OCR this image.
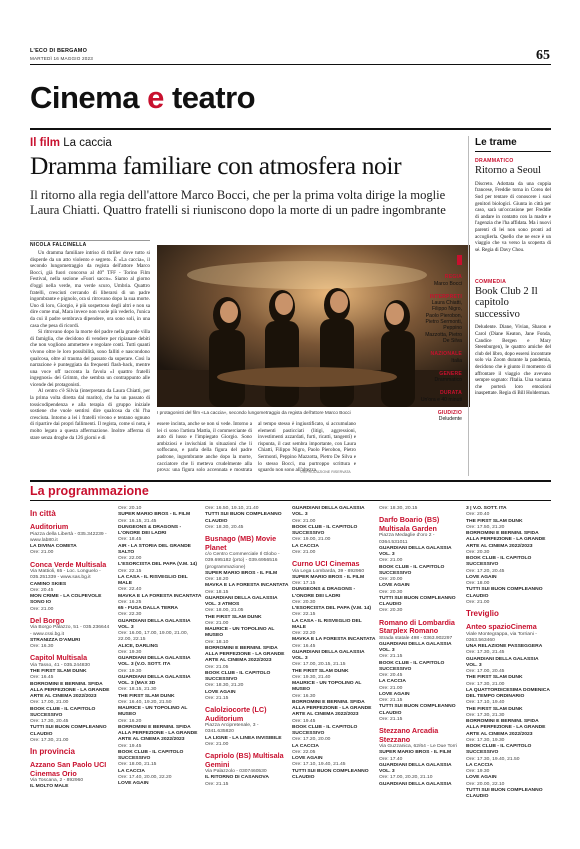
L'ECO DI BERGAMO
MARTEDÌ 16 MAGGIO 2023	65
Cinema e teatro
Il film La caccia
Dramma familiare con atmosfera noir
Il ritorno alla regia dell'attore Marco Bocci, che per la prima volta dirige la moglie Laura Chiatti. Quattro fratelli si riuniscono dopo la morte di un padre ingombrante
NICOLA FALCINELLA

Un dramma familiare intriso di thriller dove tutto si disperde da un atto violento e segreto. È «La caccia», il secondo lungometraggio da regista dell'attore Marco Bocci, già fuori concorso al 40° TFF - Torino Film Festival, nella sezione «Fuori sacco». Siamo al giorno d'oggi nella verde, ma verde scuro, Umbria. Quattro fratelli, cresciuti cercando di liberarsi di un padre ingombrante e pignolo, ora si ritrovano dopo la sua morte. Uno di loro, Giorgio, è più sospettoso degli altri e non sa dire come mai, Mara invece non vuole più vederlo, l'unica da cui il padre sembrava dipendere, ora sono soli, in una casa che pesa di ricordi.

Si ritrovano dopo la morte del padre nella grande villa di famiglia, che decidono di vendere per ripianare debiti che non vogliono ammettere e regolare conti. Tutti quanti vivono oltre le loro possibilità, sono falliti e nascondono qualcosa, oltre al trauma del passato da superare. Così la narrazione è punteggiata da frequenti flash-back, mentre una voce off racconta la favola «I quattro fratelli ingegnosi» dei Grimm, che sembra un contrappunto alle vicende dei protagonisti.

Al centro c'è Silvia (interpretata da Laura Chiatti, per la prima volta diretta dal marito), che ha un passato di tossicodipendenza e alla terapia di gruppo iniziale sostiene che vuole sentirsi dire qualcosa da chi l'ha cresciuta. Intorno a lei i fratelli vivono e tentano ognuno di ripartire dai propri fallimenti. Il regista, come si nota, è molto legato a questa affermazione. Inoltre afferma di stare senza droghe da 126 giorni e di

I protagonisti del film «La caccia», secondo lungometraggio da regista dell'attore Marco Bocci
REGIA
Marco Bocci
INTERPRETI
Laura Chiatti, Filippo Nigro, Paolo Pierobon, Pietro Sermonti, Peppino Mazzotta, Pietro De Silva
NAZIONALE
Italia
GENERE
Drammatico
DURATA
Un'ora e 40 minuti
GIUDIZIO
Deludente

essere incinta, anche se non si vede. Intorno a lei ci sono l'artista Mattia, il commerciante di auto di lusso e l'impiegato Giorgio. Sono ambiziosi e invischiati in situazioni che li soffocano, e parla della figura del padre padrone, ingombrante anche dopo la morte, cacciatore che li metteva crudelmente alla prova: una figura solo accennata e mostrata

al tempo stesso è ingiustificato, si accumulano elementi pasticciati (litigi, aggressioni, investimenti azzardati, furti, ricatti, tangenti) e rispunta, il cast sembra importante, con Laura Chiatti, Filippo Nigro, Paolo Pierobon, Pietro Sermonti, Peppino Mazzotta, Pietro De Silva e lo stesso Bocci, ma purtroppo scrittura e sguardo non sono all'altezza.

©RIPRODUZIONE RISERVATA
Le trame
DRAMMATICO
Ritorno a Seoul
Discreto. Adottata da una coppia francese, Freddie torna in Corea del Sud per tentare di conoscere i suoi genitori biologici. Giunta in città per caso, sarà un'occasione per Freddie di andare in contatto con la madre e l'agenzia che l'ha affidata. Ma i nuovi parenti di lei non sono pronti ad accoglierla. Quello che ne esce è un viaggio che va verso la scoperta di sé. Regia di Davy Chou.
COMMEDIA
Book Club 2 Il capitolo successivo
Deludente. Diane, Vivian, Sharon e Carol (Diane Keaton, Jane Fonda, Candice Bergen e Mary Steenburgen), le quattro amiche del club del libro, dopo essersi incontrate solo via Zoom durante la pandemia, decidono che è giunto il momento di affrontare il viaggio che avevano sempre sognato: l'Italia. Una vacanza che porterà loro emozioni inaspettate. Regia di Bill Holderman.
La programmazione
In città
Auditorium
Piazza della Libertà - 035.342239 -
www.lab80.it
LA DIVINA COMETA
Ore: 21.00
Conca Verde Multisala
Via Mattioli, 65 - Loc. Longuelo -
035.251339 - www.sas.bg.it
CAMINO SKIES
Ore: 20.45
MON CRIME - LA COLPEVOLE SONO IO
Ore: 21.00
Del Borgo
Via Borgo Palazzo, 51 - 035.236644
- www.cssi.bg.it
STRANIZZA D'AMURI
Ore: 16.30
Capitol Multisala
Via Tasso, 41 - 035.244830
THE FIRST SLAM DUNK
Ore: 16.45
BORROMINI E BERNINI. SFIDA ALLA PERFEZIONE - LA GRANDE ARTE AL CINEMA 2022/2023
Ore: 17.00, 21.00
BOOK CLUB - IL CAPITOLO SUCCESSIVO
Ore: 17.30, 20.45
TUTTI SUI BUON COMPLEANNO CLAUDIO
Ore: 17.30, 21.00
In provincia
Azzano San Paolo UCI Cinemas Orio
Via Toscana, 2 - 892960
IL MOLTO MALE
Ore: 20.10
SUPER MARIO BROS - IL FILM
Ore: 16.15, 21.45
DUNGEONS & DRAGONS - L'ONORE DEI LADRI
Ore: 18.45
AIR - LA STORIA DEL GRANDE SALTO
Ore: 22.00
L'ESORCISTA DEL PAPA (V.M. 14)
Ore: 22.15
LA CASA - IL RISVEGLIO DEL MALE
Ore: 22.40
MAVKA E LA FORESTA INCANTATA
Ore: 16.25
65 - FUGA DALLA TERRA
Ore: 22.30
GUARDIANI DELLA GALASSIA VOL. 3
Ore: 16.00, 17.00, 19.00, 21.00, 22.00, 22.15
ALICE, DARLING
Ore: 19.30
GUARDIANI DELLA GALASSIA VOL. 3 (V.O. SOTT. ITA
Ore: 19.30
GUARDIANI DELLA GALASSIA VOL. 3 (MAX 3D
Ore: 18.15, 21.30
THE FIRST SLAM DUNK
Ore: 16.40, 19.20, 21.50
MAURICE - UN TOPOLINO AL MUSEO
Ore: 16.20
BORROMINI E BERNINI. SFIDA ALLA PERFEZIONE - LA GRANDE ARTE AL CINEMA 2022/2023
Ore: 19.45
BOOK CLUB - IL CAPITOLO SUCCESSIVO
Ore: 18.00, 21.15
LA CACCIA
Ore: 17.40, 20.00, 22.20
LOVE AGAIN
Ore: 16.50, 19.10, 21.40
TUTTI SUI BUON COMPLEANNO CLAUDIO
Ore: 18.30, 20.45
Busnago (MB) Movie Planet
c/o Centro Commerciale Il Globo -
039.695182 (prto) - 039.6956516
(programmazione)
SUPER MARIO BROS - IL FILM
Ore: 18.20
MAVKA E LA FORESTA INCANTATA
Ore: 18.15
GUARDIANI DELLA GALASSIA VOL. 3 ATMOS
Ore: 18.00, 21.05
THE FIRST SLAM DUNK
Ore: 21.00
MAURICE - UN TOPOLINO AL MUSEO
Ore: 18.10
BORROMINI E BERNINI. SFIDA ALLA PERFEZIONE - LA GRANDE ARTE AL CINEMA 2022/2023
Ore: 21.05
BOOK CLUB - IL CAPITOLO SUCCESSIVO
Ore: 18.30, 21.20
LOVE AGAIN
Ore: 21.15
Calolziocorte (LC) Auditorium
Piazza Arcipretenale, 3 -
0341.635820
LA LIGNE - LA LINEA INVISIBILE
Ore: 21.00
Capriolo (BS) Multisala Gemini
Via Palazzolo - 0307460530
IL RITORNO DI CASANOVA
Ore: 21.15
GUARDIANI DELLA GALASSIA VOL. 3
Ore: 21.00
BOOK CLUB - IL CAPITOLO SUCCESSIVO
Ore: 19.00, 21.00
LA CACCIA
Ore: 21.00
Curno UCI Cinemas
Via Lega Lombarda, 39 - 892960
SUPER MARIO BROS - IL FILM
Ore: 17.15
DUNGEONS & DRAGONS - L'ONORE DEI LADRI
Ore: 20.30
L'ESORCISTA DEL PAPA (V.M. 14)
Ore: 22.15
LA CASA - IL RISVEGLIO DEL MALE
Ore: 22.20
MAVKA E LA FORESTA INCANTATA
Ore: 16.45
GUARDIANI DELLA GALASSIA VOL. 3
Ore: 17.00, 20.15, 21.15
THE FIRST SLAM DUNK
Ore: 19.30, 21.40
MAURICE - UN TOPOLINO AL MUSEO
Ore: 16.30
BORROMINI E BERNINI. SFIDA ALLA PERFEZIONE - LA GRANDE ARTE AL CINEMA 2022/2023
Ore: 19.45
BOOK CLUB - IL CAPITOLO SUCCESSIVO
Ore: 17.20, 20.00
LA CACCIA
Ore: 22.05
LOVE AGAIN
Ore: 17.10, 19.40, 21.45
TUTTI SUI BUON COMPLEANNO CLAUDIO
Ore: 18.30, 20.15
Darfo Boario (BS) Multisala Garden
Piazza Medaglie d'oro 2 -
0364.531011
GUARDIANI DELLA GALASSIA VOL. 3
Ore: 21.00
BOOK CLUB - IL CAPITOLO SUCCESSIVO
Ore: 20.00
LOVE AGAIN
Ore: 20.30
TUTTI SUI BUON COMPLEANNO CLAUDIO
Ore: 20.30
Romano di Lombardia Starplex Romano
Strada statale 498 - 0363.902297
GUARDIANI DELLA GALASSIA VOL. 3
Ore: 21.15
BOOK CLUB - IL CAPITOLO SUCCESSIVO
Ore: 20.45
LA CACCIA
Ore: 21.00
LOVE AGAIN
Ore: 21.15
TUTTI SUI BUON COMPLEANNO CLAUDIO
Ore: 21.15
Stezzano Arcadia Stezzano
Via Guzzanica, 62/64 - Le Due Torri
SUPER MARIO BROS - IL FILM
Ore: 17.40
GUARDIANI DELLA GALASSIA VOL. 3
Ore: 17.00, 20.20, 21.10
GUARDIANI DELLA GALASSIA
3 | V.O. SOTT. ITA
Ore: 20.40
THE FIRST SLAM DUNK
Ore: 17.50, 21.20
BORROMINI E BERNINI. SFIDA ALLA PERFEZIONE - LA GRANDE ARTE AL CINEMA 2022/2023
Ore: 20.30
BOOK CLUB - IL CAPITOLO SUCCESSIVO
Ore: 17.20, 20.45
LOVE AGAIN
Ore: 18.00
TUTTI SUI BUON COMPLEANNO CLAUDIO
Ore: 21.00
Treviglio
Anteo spazioCinema
Viale Montegrappa, via Torriani -
0363.563460
UNA RELAZIONE PASSEGGERA
Ore: 17.30, 21.45
GUARDIANI DELLA GALASSIA VOL. 3
Ore: 17.00, 20.45
THE FIRST SLAM DUNK
Ore: 17.30, 21.00
LA QUATTORDICESIMA DOMENICA DEL TEMPO ORDINARIO
Ore: 17.10, 19.40
THE FIRST SLAM DUNK
Ore: 17.30, 21.30
BORROMINI E BERNINI. SFIDA ALLA PERFEZIONE - LA GRANDE ARTE AL CINEMA 2022/2023
Ore: 17.30, 19.30
BOOK CLUB - IL CAPITOLO SUCCESSIVO
Ore: 17.30, 19.40, 21.50
LA CACCIA
Ore: 19.30
LOVE AGAIN
Ore: 20.00, 22.10
TUTTI SUI BUON COMPLEANNO CLAUDIO
